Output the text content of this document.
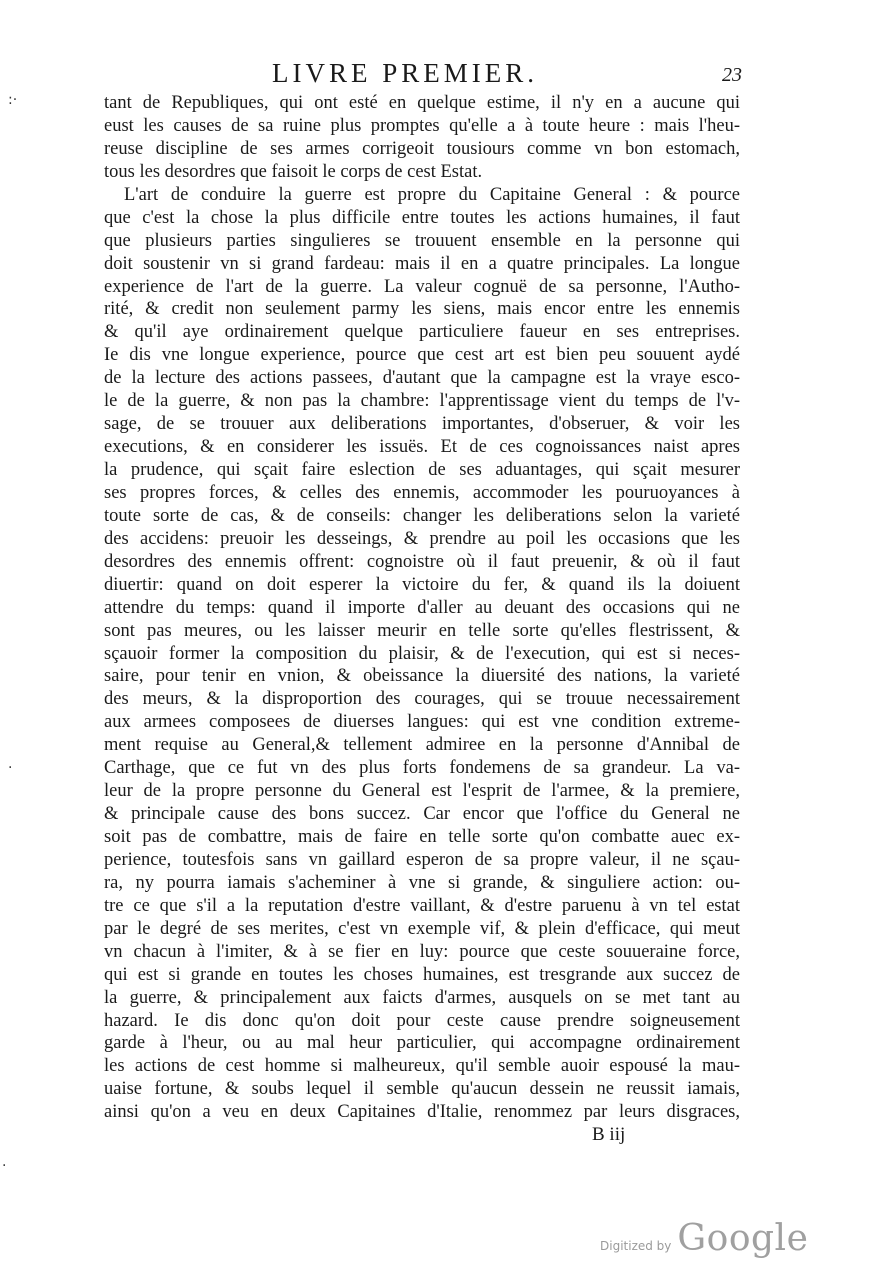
LIVRE PREMIER.	23
:·
·
·
tant de Republiques, qui ont esté en quelque estime, il n'y en a aucune qui
eust les causes de sa ruine plus promptes qu'elle a à toute heure : mais l'heu-
reuse discipline de ses armes corrigeoit tousiours comme vn bon estomach,
tous les desordres que faisoit le corps de cest Estat.
L'art de conduire la guerre est propre du Capitaine General : & pource
que c'est la chose la plus difficile entre toutes les actions humaines, il faut
que plusieurs parties singulieres se trouuent ensemble en la personne qui
doit soustenir vn si grand fardeau: mais il en a quatre principales. La longue
experience de l'art de la guerre. La valeur cognuë de sa personne, l'Autho-
rité, & credit non seulement parmy les siens, mais encor entre les ennemis
& qu'il aye ordinairement quelque particuliere faueur en ses entreprises.
Ie dis vne longue experience, pource que cest art est bien peu souuent aydé
de la lecture des actions passees, d'autant que la campagne est la vraye esco-
le de la guerre, & non pas la chambre: l'apprentissage vient du temps de l'v-
sage, de se trouuer aux deliberations importantes, d'obseruer, & voir les
executions, & en considerer les issuës. Et de ces cognoissances naist apres
la prudence, qui sçait faire eslection de ses aduantages, qui sçait mesurer
ses propres forces, & celles des ennemis, accommoder les pouruoyances à
toute sorte de cas, & de conseils: changer les deliberations selon la varieté
des accidens: preuoir les desseings, & prendre au poil les occasions que les
desordres des ennemis offrent: cognoistre où il faut preuenir, & où il faut
diuertir: quand on doit esperer la victoire du fer, & quand ils la doiuent
attendre du temps: quand il importe d'aller au deuant des occasions qui ne
sont pas meures, ou les laisser meurir en telle sorte qu'elles flestrissent, &
sçauoir former la composition du plaisir, & de l'execution, qui est si neces-
saire, pour tenir en vnion, & obeissance la diuersité des nations, la varieté
des meurs, & la disproportion des courages, qui se trouue necessairement
aux armees composees de diuerses langues: qui est vne condition extreme-
ment requise au General,& tellement admiree en la personne d'Annibal de
Carthage, que ce fut vn des plus forts fondemens de sa grandeur. La va-
leur de la propre personne du General est l'esprit de l'armee, & la premiere,
& principale cause des bons succez. Car encor que l'office du General ne
soit pas de combattre, mais de faire en telle sorte qu'on combatte auec ex-
perience, toutesfois sans vn gaillard esperon de sa propre valeur, il ne sçau-
ra, ny pourra iamais s'acheminer à vne si grande, & singuliere action: ou-
tre ce que s'il a la reputation d'estre vaillant, & d'estre paruenu à vn tel estat
par le degré de ses merites, c'est vn exemple vif, & plein d'efficace, qui meut
vn chacun à l'imiter, & à se fier en luy: pource que ceste souueraine force,
qui est si grande en toutes les choses humaines, est tresgrande aux succez de
la guerre, & principalement aux faicts d'armes, ausquels on se met tant au
hazard. Ie dis donc qu'on doit pour ceste cause prendre soigneusement
garde à l'heur, ou au mal heur particulier, qui accompagne ordinairement
les actions de cest homme si malheureux, qu'il semble auoir espousé la mau-
uaise fortune, & soubs lequel il semble qu'aucun dessein ne reussit iamais,
ainsi qu'on a veu en deux Capitaines d'Italie, renommez par leurs disgraces,
B iij
Digitized by Google
